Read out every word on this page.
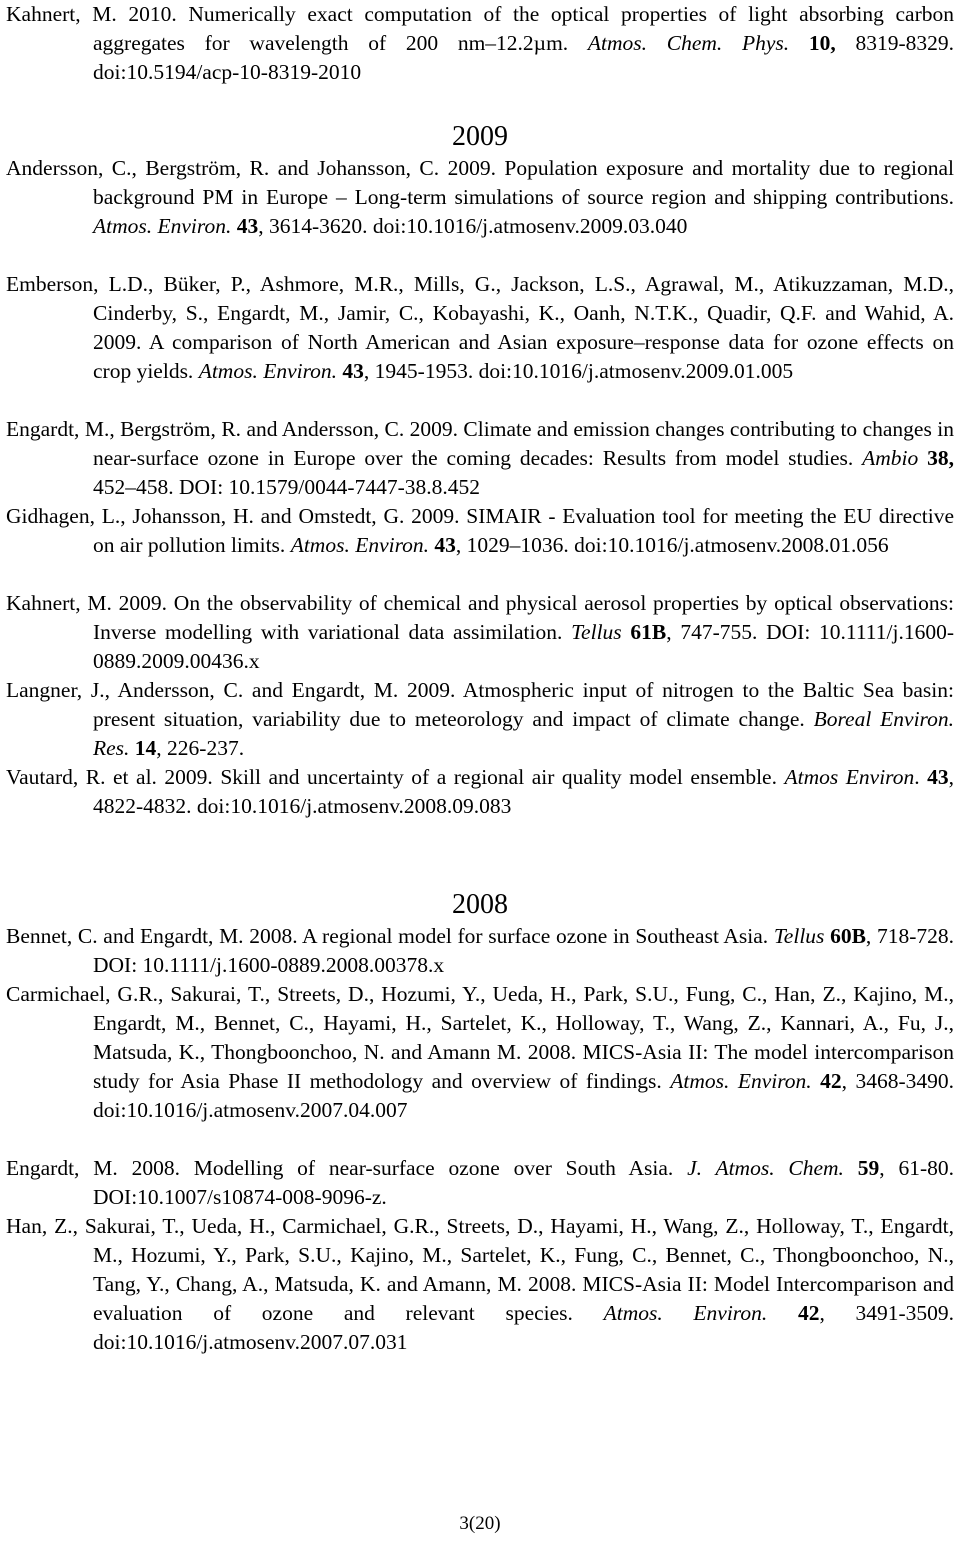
Kahnert, M. 2010. Numerically exact computation of the optical properties of light absorbing carbon aggregates for wavelength of 200 nm–12.2µm. Atmos. Chem. Phys. 10, 8319-8329. doi:10.5194/acp-10-8319-2010
2009
Andersson, C., Bergström, R. and Johansson, C. 2009. Population exposure and mortality due to regional background PM in Europe – Long-term simulations of source region and shipping contributions. Atmos. Environ. 43, 3614-3620. doi:10.1016/j.atmosenv.2009.03.040
Emberson, L.D., Büker, P., Ashmore, M.R., Mills, G., Jackson, L.S., Agrawal, M., Atikuzzaman, M.D., Cinderby, S., Engardt, M., Jamir, C., Kobayashi, K., Oanh, N.T.K., Quadir, Q.F. and Wahid, A. 2009. A comparison of North American and Asian exposure–response data for ozone effects on crop yields. Atmos. Environ. 43, 1945-1953. doi:10.1016/j.atmosenv.2009.01.005
Engardt, M., Bergström, R. and Andersson, C. 2009. Climate and emission changes contributing to changes in near-surface ozone in Europe over the coming decades: Results from model studies. Ambio 38, 452–458. DOI: 10.1579/0044-7447-38.8.452
Gidhagen, L., Johansson, H. and Omstedt, G. 2009. SIMAIR - Evaluation tool for meeting the EU directive on air pollution limits. Atmos. Environ. 43, 1029–1036. doi:10.1016/j.atmosenv.2008.01.056
Kahnert, M. 2009. On the observability of chemical and physical aerosol properties by optical observations: Inverse modelling with variational data assimilation. Tellus 61B, 747-755. DOI: 10.1111/j.1600-0889.2009.00436.x
Langner, J., Andersson, C. and Engardt, M. 2009. Atmospheric input of nitrogen to the Baltic Sea basin: present situation, variability due to meteorology and impact of climate change. Boreal Environ. Res. 14, 226-237.
Vautard, R. et al. 2009. Skill and uncertainty of a regional air quality model ensemble. Atmos Environ. 43, 4822-4832. doi:10.1016/j.atmosenv.2008.09.083
2008
Bennet, C. and Engardt, M. 2008. A regional model for surface ozone in Southeast Asia. Tellus 60B, 718-728. DOI: 10.1111/j.1600-0889.2008.00378.x
Carmichael, G.R., Sakurai, T., Streets, D., Hozumi, Y., Ueda, H., Park, S.U., Fung, C., Han, Z., Kajino, M., Engardt, M., Bennet, C., Hayami, H., Sartelet, K., Holloway, T., Wang, Z., Kannari, A., Fu, J., Matsuda, K., Thongboonchoo, N. and Amann M. 2008. MICS-Asia II: The model intercomparison study for Asia Phase II methodology and overview of findings. Atmos. Environ. 42, 3468-3490. doi:10.1016/j.atmosenv.2007.04.007
Engardt, M. 2008. Modelling of near-surface ozone over South Asia. J. Atmos. Chem. 59, 61-80. DOI:10.1007/s10874-008-9096-z.
Han, Z., Sakurai, T., Ueda, H., Carmichael, G.R., Streets, D., Hayami, H., Wang, Z., Holloway, T., Engardt, M., Hozumi, Y., Park, S.U., Kajino, M., Sartelet, K., Fung, C., Bennet, C., Thongboonchoo, N., Tang, Y., Chang, A., Matsuda, K. and Amann, M. 2008. MICS-Asia II: Model Intercomparison and evaluation of ozone and relevant species. Atmos. Environ. 42, 3491-3509. doi:10.1016/j.atmosenv.2007.07.031
3(20)
